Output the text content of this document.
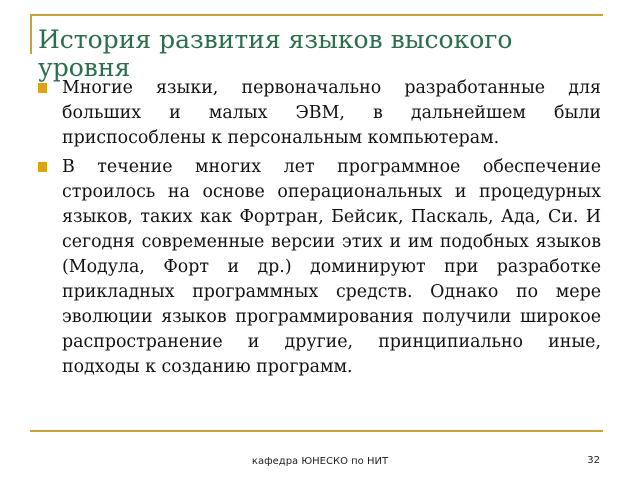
История развития языков высокого уровня
Многие языки, первоначально разработанные для больших и малых ЭВМ, в дальнейшем были приспособлены к персональным компьютерам.
В течение многих лет программное обеспечение строилось на основе операциональных и процедурных языков, таких как Фортран, Бейсик, Паскаль, Ада, Си. И сегодня современные версии этих и им подобных языков (Модула, Форт и др.) доминируют при разработке прикладных программных средств. Однако по мере эволюции языков программирования получили широкое распространение и другие, принципиально иные, подходы к созданию программ.
кафедра ЮНЕСКО по НИТ	32
